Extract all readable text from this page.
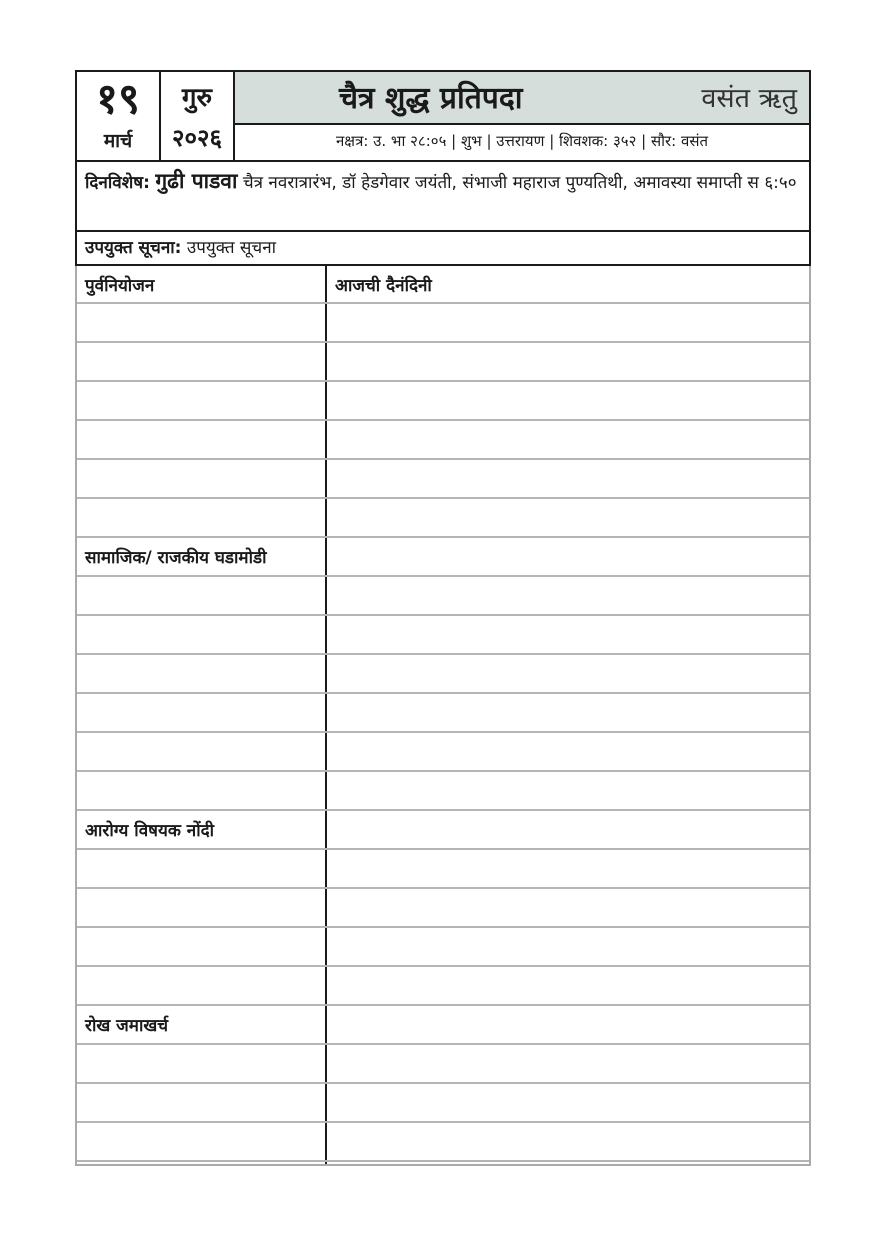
१९
मार्च
गुरु
२०२६
चैत्र शुद्ध प्रतिपदा	वसंत ऋतु
नक्षत्र: उ. भा २८:०५ | शुभ | उत्तरायण | शिवशक: ३५२ | सौर: वसंत
दिनविशेष: गुढी पाडवा चैत्र नवरात्रारंभ, डॉ हेडगेवार जयंती, संभाजी महाराज पुण्यतिथी, अमावस्या समाप्ती स ६:५०
उपयुक्त सूचना: उपयुक्त सूचना
पुर्वनियोजन	आजची दैनंदिनी
सामाजिक/ राजकीय घडामोडी
आरोग्य विषयक नोंदी
रोख जमाखर्च
